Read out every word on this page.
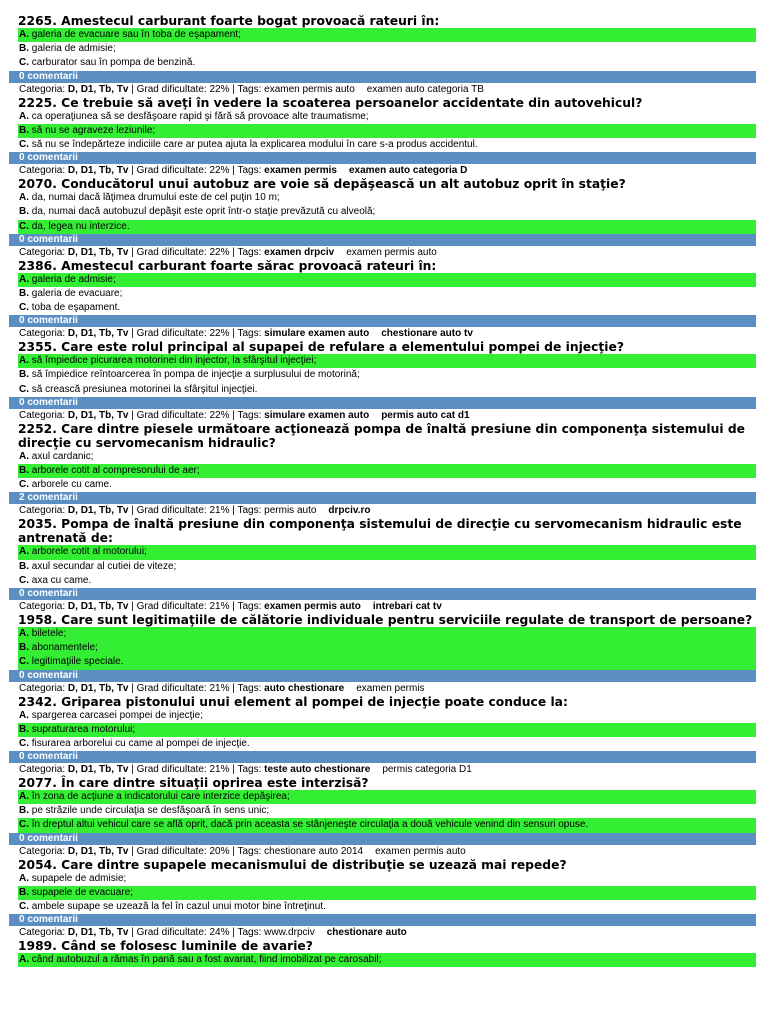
2265. Amestecul carburant foarte bogat provoacă rateuri în:
A. galeria de evacuare sau în toba de eşapament;
B. galeria de admisie;
C. carburator sau în pompa de benzină.
0 comentarii
Categoria: D, D1, Tb, Tv | Grad dificultate: 22% | Tags: examen permis auto examen auto categoria TB
2225. Ce trebuie să aveţi în vedere la scoaterea persoanelor accidentate din autovehicul?
A. ca operaţiunea să se desfăşoare rapid şi fără să provoace alte traumatisme;
B. să nu se agraveze leziunile;
C. să nu se îndepărteze indiciile care ar putea ajuta la explicarea modului în care s-a produs accidentul.
0 comentarii
Categoria: D, D1, Tb, Tv | Grad dificultate: 22% | Tags: examen permis examen auto categoria D
2070. Conducătorul unui autobuz are voie să depăşească un alt autobuz oprit în staţie?
A. da, numai dacă lăţimea drumului este de cel puţin 10 m;
B. da, numai dacă autobuzul depăşit este oprit într-o staţie prevăzută cu alveolă;
C. da, legea nu interzice.
0 comentarii
Categoria: D, D1, Tb, Tv | Grad dificultate: 22% | Tags: examen drpciv examen permis auto
2386. Amestecul carburant foarte sărac provoacă rateuri în:
A. galeria de admisie;
B. galeria de evacuare;
C. toba de eşapament.
0 comentarii
Categoria: D, D1, Tb, Tv | Grad dificultate: 22% | Tags: simulare examen auto chestionare auto tv
2355. Care este rolul principal al supapei de refulare a elementului pompei de injecţie?
A. să împiedice picurarea motorinei din injector, la sfârşitul injecţiei;
B. să împiedice reîntoarcerea în pompa de injecţie a surplusului de motorină;
C. să crească presiunea motorinei la sfârşitul injecţiei.
0 comentarii
Categoria: D, D1, Tb, Tv | Grad dificultate: 22% | Tags: simulare examen auto permis auto cat d1
2252. Care dintre piesele următoare acţionează pompa de înaltă presiune din componenţa sistemului de direcţie cu servomecanism hidraulic?
A. axul cardanic;
B. arborele cotit al compresorului de aer;
C. arborele cu came.
2 comentarii
Categoria: D, D1, Tb, Tv | Grad dificultate: 21% | Tags: permis auto drpciv.ro
2035. Pompa de înaltă presiune din componenţa sistemului de direcţie cu servomecanism hidraulic este antrenată de:
A. arborele cotit al motorului;
B. axul secundar al cutiei de viteze;
C. axa cu came.
0 comentarii
Categoria: D, D1, Tb, Tv | Grad dificultate: 21% | Tags: examen permis auto intrebari cat tv
1958. Care sunt legitimaţiile de călătorie individuale pentru serviciile regulate de transport de persoane?
A. biletele;
B. abonamentele;
C. legitimaţiile speciale.
0 comentarii
Categoria: D, D1, Tb, Tv | Grad dificultate: 21% | Tags: auto chestionare examen permis
2342. Griparea pistonului unui element al pompei de injecţie poate conduce la:
A. spargerea carcasei pompei de injecţie;
B. supraturarea motorului;
C. fisurarea arborelui cu came al pompei de injecţie.
0 comentarii
Categoria: D, D1, Tb, Tv | Grad dificultate: 21% | Tags: teste auto chestionare permis categoria D1
2077. În care dintre situaţii oprirea este interzisă?
A. în zona de acţiune a indicatorului care interzice depăşirea;
B. pe străzile unde circulaţia se desfăşoară în sens unic;
C. în dreptul altui vehicul care se află oprit, dacă prin aceasta se stânjeneşte circulaţia a două vehicule venind din sensuri opuse.
0 comentarii
Categoria: D, D1, Tb, Tv | Grad dificultate: 20% | Tags: chestionare auto 2014 examen permis auto
2054. Care dintre supapele mecanismului de distribuţie se uzează mai repede?
A. supapele de admisie;
B. supapele de evacuare;
C. ambele supape se uzează la fel în cazul unui motor bine întreţinut.
0 comentarii
Categoria: D, D1, Tb, Tv | Grad dificultate: 24% | Tags: www.drpciv chestionare auto
1989. Când se folosesc luminile de avarie?
A. când autobuzul a rămas în pană sau a fost avariat, fiind imobilizat pe carosabil;
